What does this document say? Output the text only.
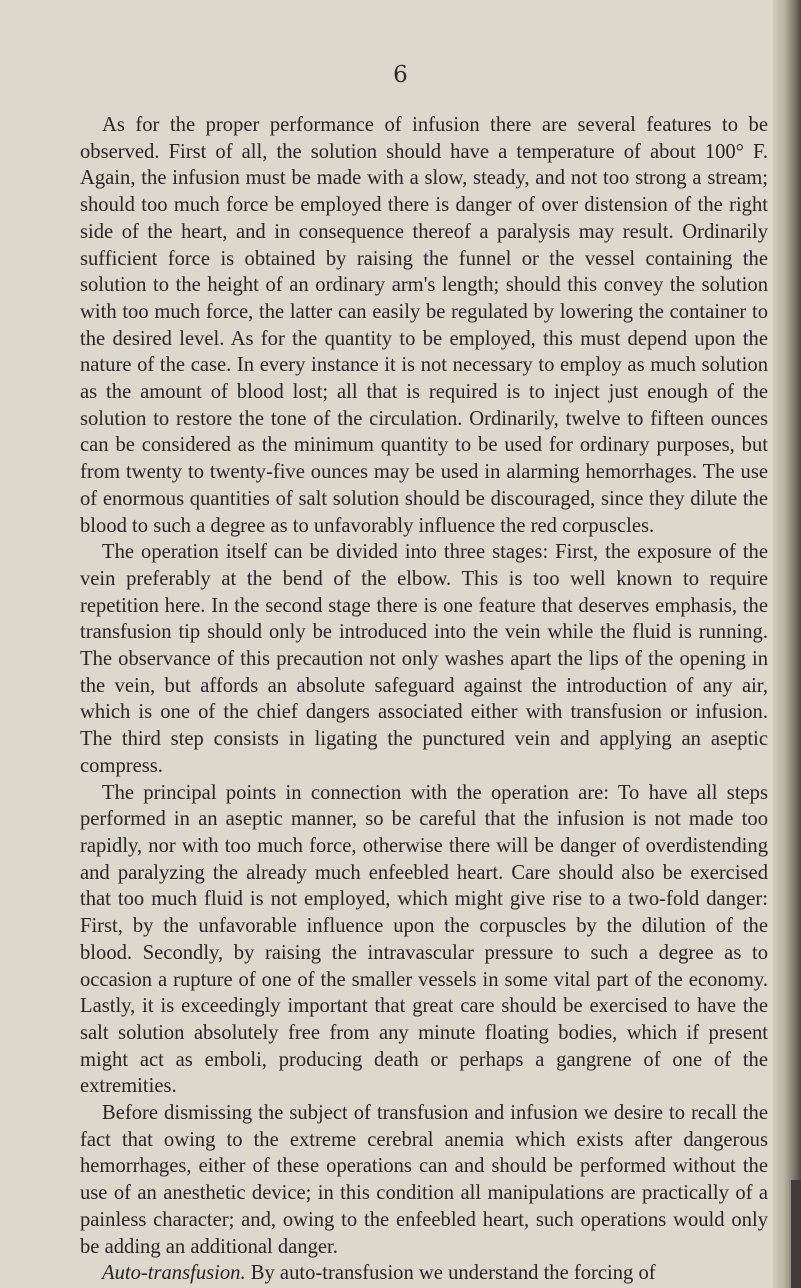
6

As for the proper performance of infusion there are several features to be observed. First of all, the solution should have a temperature of about 100° F. Again, the infusion must be made with a slow, steady, and not too strong a stream; should too much force be employed there is danger of over distension of the right side of the heart, and in consequence thereof a paralysis may result. Ordinarily sufficient force is obtained by raising the funnel or the vessel containing the solution to the height of an ordinary arm's length; should this convey the solution with too much force, the latter can easily be regulated by lowering the container to the desired level. As for the quantity to be employed, this must depend upon the nature of the case. In every instance it is not necessary to employ as much solution as the amount of blood lost; all that is required is to inject just enough of the solution to restore the tone of the circulation. Ordinarily, twelve to fifteen ounces can be considered as the minimum quantity to be used for ordinary purposes, but from twenty to twenty-five ounces may be used in alarming hemorrhages. The use of enormous quantities of salt solution should be discouraged, since they dilute the blood to such a degree as to unfavorably influence the red corpuscles.

The operation itself can be divided into three stages: First, the exposure of the vein preferably at the bend of the elbow. This is too well known to require repetition here. In the second stage there is one feature that deserves emphasis, the transfusion tip should only be introduced into the vein while the fluid is running. The observance of this precaution not only washes apart the lips of the opening in the vein, but affords an absolute safeguard against the introduction of any air, which is one of the chief dangers associated either with transfusion or infusion. The third step consists in ligating the punctured vein and applying an aseptic compress.

The principal points in connection with the operation are: To have all steps performed in an aseptic manner, so be careful that the infusion is not made too rapidly, nor with too much force, otherwise there will be danger of overdistending and paralyzing the already much enfeebled heart. Care should also be exercised that too much fluid is not employed, which might give rise to a two-fold danger: First, by the unfavorable influence upon the corpuscles by the dilution of the blood. Secondly, by raising the intravascular pressure to such a degree as to occasion a rupture of one of the smaller vessels in some vital part of the economy. Lastly, it is exceedingly important that great care should be exercised to have the salt solution absolutely free from any minute floating bodies, which if present might act as emboli, producing death or perhaps a gangrene of one of the extremities.

Before dismissing the subject of transfusion and infusion we desire to recall the fact that owing to the extreme cerebral anemia which exists after dangerous hemorrhages, either of these operations can and should be performed without the use of an anesthetic device; in this condition all manipulations are practically of a painless character; and, owing to the enfeebled heart, such operations would only be adding an additional danger.

Auto-transfusion. By auto-transfusion we understand the forcing of
